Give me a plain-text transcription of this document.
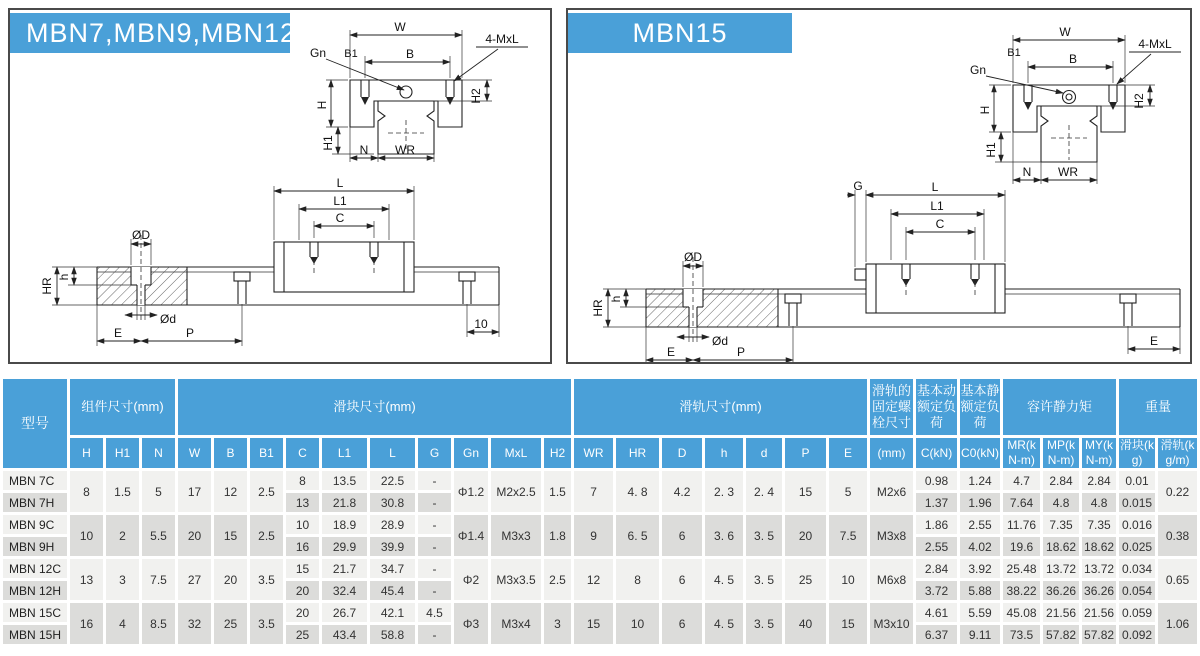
W
B
B1
Gn
4-MxL
H
H1
H2
N WR
L
L1
C
ØD
Ød
HR
h
E	P
10
MBN7,MBN9,MBN12	W
B
B1
Gn
4-MxL
H
H1
H2
N WR
G	L
L1
C
ØD
Ød
HR
h
E	P
E
MBN15
型号	组件尺寸(mm)			滑块尺寸(mm)										滑轨尺寸(mm)							滑轨的固定螺栓尺寸	基本动额定负荷	基本静额定负荷	容许静力矩			重量	
	H	H1	N	W	B	B1	C	L1	L	G	Gn	MxL	H2	WR	HR	D	h	d	P	E	(mm)	C(kN)	C0(kN)	MR(kN-m)	MP(kN-m)	MY(kN-m)	滑块(kg)	滑轨(kg/m)
MBN 7C	8	1.5	5	17	12	2.5	8	13.5	22.5	-	Φ1.2	M2x2.5	1.5	7	4. 8	4.2	2. 3	2. 4	15	5	M2x6	0.98	1.24	4.7	2.84	2.84	0.01	0.22
MBN 7H							13	21.8	30.8	-												1.37	1.96	7.64	4.8	4.8	0.015	
MBN 9C	10	2	5.5	20	15	2.5	10	18.9	28.9	-	Φ1.4	M3x3	1.8	9	6. 5	6	3. 6	3. 5	20	7.5	M3x8	1.86	2.55	11.76	7.35	7.35	0.016	0.38
MBN 9H							16	29.9	39.9	-												2.55	4.02	19.6	18.62	18.62	0.025	
MBN 12C	13	3	7.5	27	20	3.5	15	21.7	34.7	-	Φ2	M3x3.5	2.5	12	8	6	4. 5	3. 5	25	10	M6x8	2.84	3.92	25.48	13.72	13.72	0.034	0.65
MBN 12H							20	32.4	45.4	-												3.72	5.88	38.22	36.26	36.26	0.054	
MBN 15C	16	4	8.5	32	25	3.5	20	26.7	42.1	4.5	Φ3	M3x4	3	15	10	6	4. 5	3. 5	40	15	M3x10	4.61	5.59	45.08	21.56	21.56	0.059	1.06
MBN 15H							25	43.4	58.8	-												6.37	9.11	73.5	57.82	57.82	0.092	
